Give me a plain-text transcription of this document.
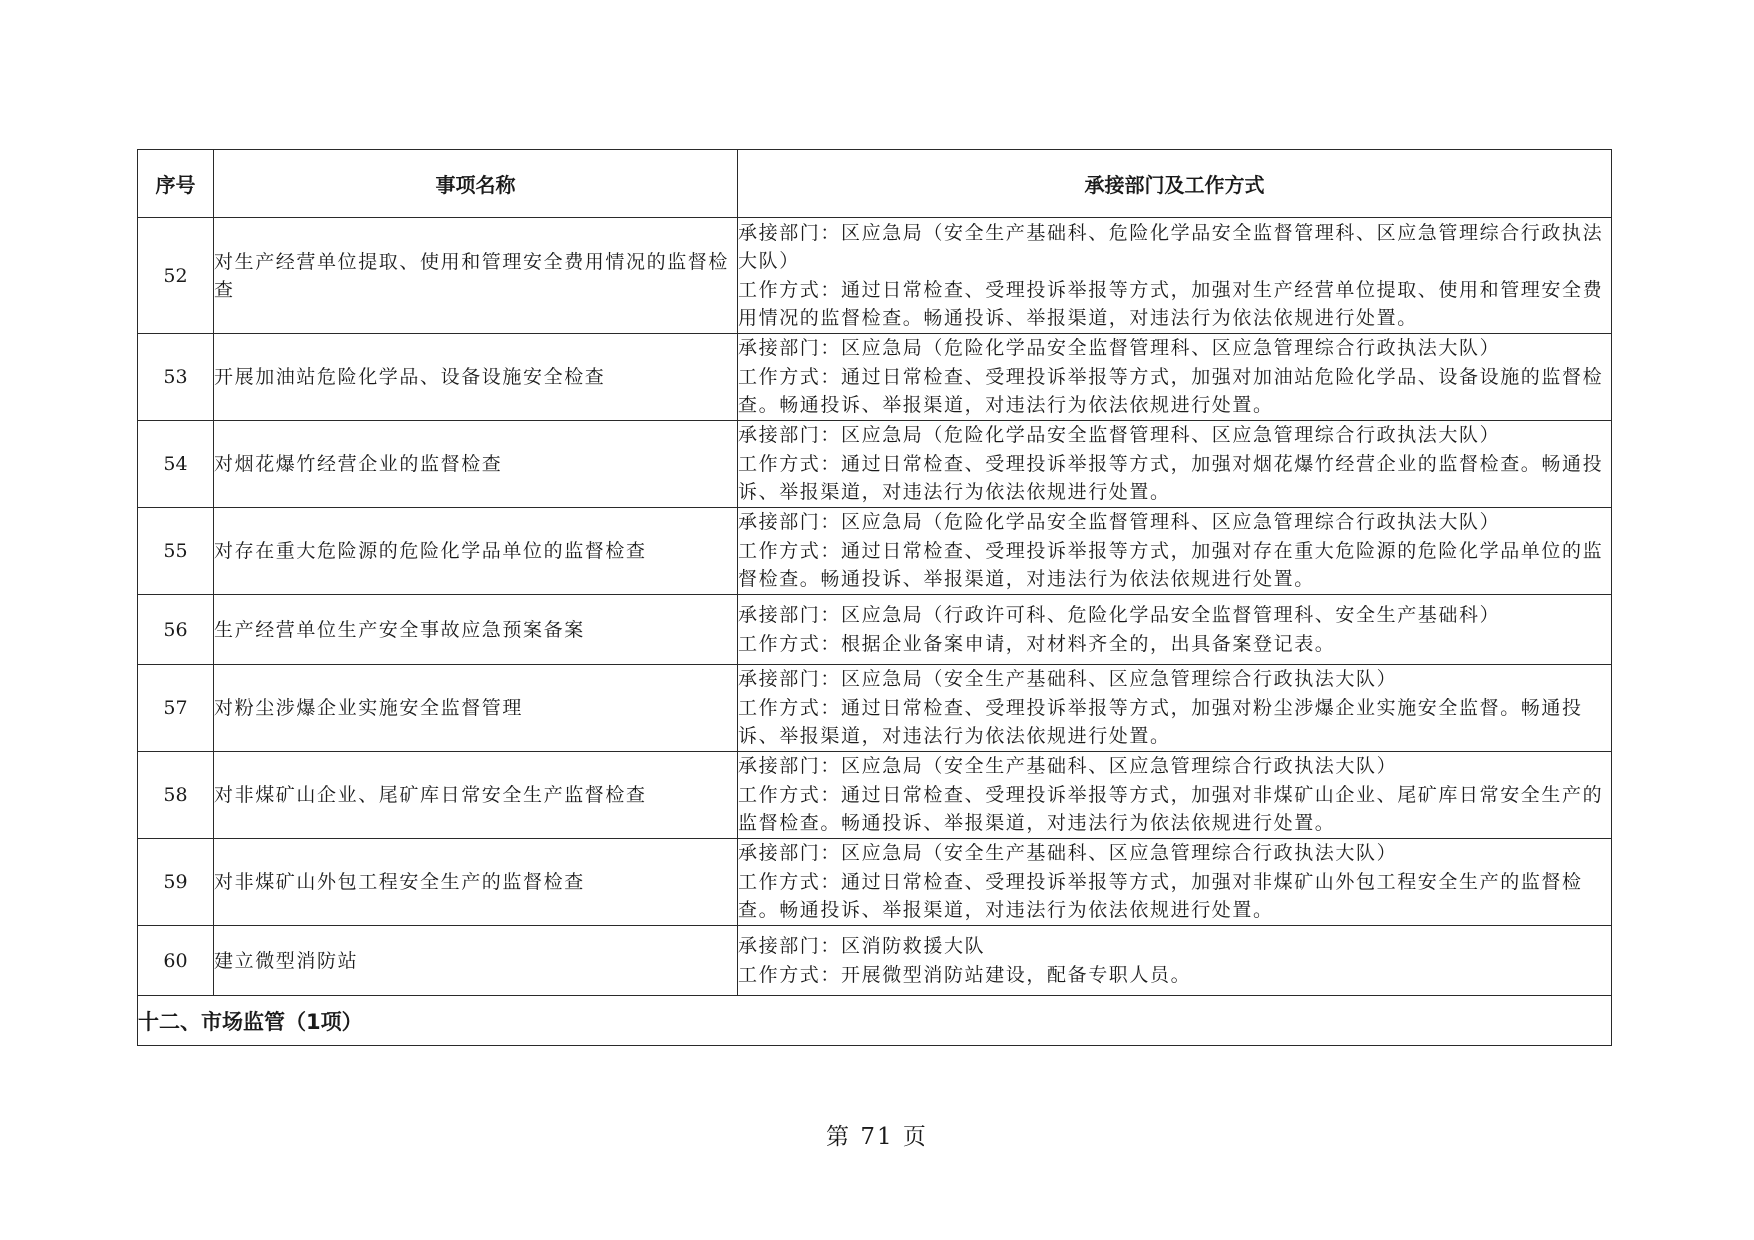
序号	事项名称	承接部门及工作方式
52	对生产经营单位提取、使用和管理安全费用情况的监督检查	承接部门：区应急局（安全生产基础科、危险化学品安全监督管理科、区应急管理综合行政执法大队）
工作方式：通过日常检查、受理投诉举报等方式，加强对生产经营单位提取、使用和管理安全费用情况的监督检查。畅通投诉、举报渠道，对违法行为依法依规进行处置。

53	开展加油站危险化学品、设备设施安全检查	承接部门：区应急局（危险化学品安全监督管理科、区应急管理综合行政执法大队）
工作方式：通过日常检查、受理投诉举报等方式，加强对加油站危险化学品、设备设施的监督检查。畅通投诉、举报渠道，对违法行为依法依规进行处置。

54	对烟花爆竹经营企业的监督检查	承接部门：区应急局（危险化学品安全监督管理科、区应急管理综合行政执法大队）
工作方式：通过日常检查、受理投诉举报等方式，加强对烟花爆竹经营企业的监督检查。畅通投诉、举报渠道，对违法行为依法依规进行处置。

55	对存在重大危险源的危险化学品单位的监督检查	承接部门：区应急局（危险化学品安全监督管理科、区应急管理综合行政执法大队）
工作方式：通过日常检查、受理投诉举报等方式，加强对存在重大危险源的危险化学品单位的监督检查。畅通投诉、举报渠道，对违法行为依法依规进行处置。

56	生产经营单位生产安全事故应急预案备案	承接部门：区应急局（行政许可科、危险化学品安全监督管理科、安全生产基础科）
工作方式：根据企业备案申请，对材料齐全的，出具备案登记表。

57	对粉尘涉爆企业实施安全监督管理	承接部门：区应急局（安全生产基础科、区应急管理综合行政执法大队）
工作方式：通过日常检查、受理投诉举报等方式，加强对粉尘涉爆企业实施安全监督。畅通投诉、举报渠道，对违法行为依法依规进行处置。

58	对非煤矿山企业、尾矿库日常安全生产监督检查	承接部门：区应急局（安全生产基础科、区应急管理综合行政执法大队）
工作方式：通过日常检查、受理投诉举报等方式，加强对非煤矿山企业、尾矿库日常安全生产的监督检查。畅通投诉、举报渠道，对违法行为依法依规进行处置。

59	对非煤矿山外包工程安全生产的监督检查	承接部门：区应急局（安全生产基础科、区应急管理综合行政执法大队）
工作方式：通过日常检查、受理投诉举报等方式，加强对非煤矿山外包工程安全生产的监督检查。畅通投诉、举报渠道，对违法行为依法依规进行处置。

60	建立微型消防站	承接部门：区消防救援大队
工作方式：开展微型消防站建设，配备专职人员。

十二、市场监管（1项）		
第 71 页
